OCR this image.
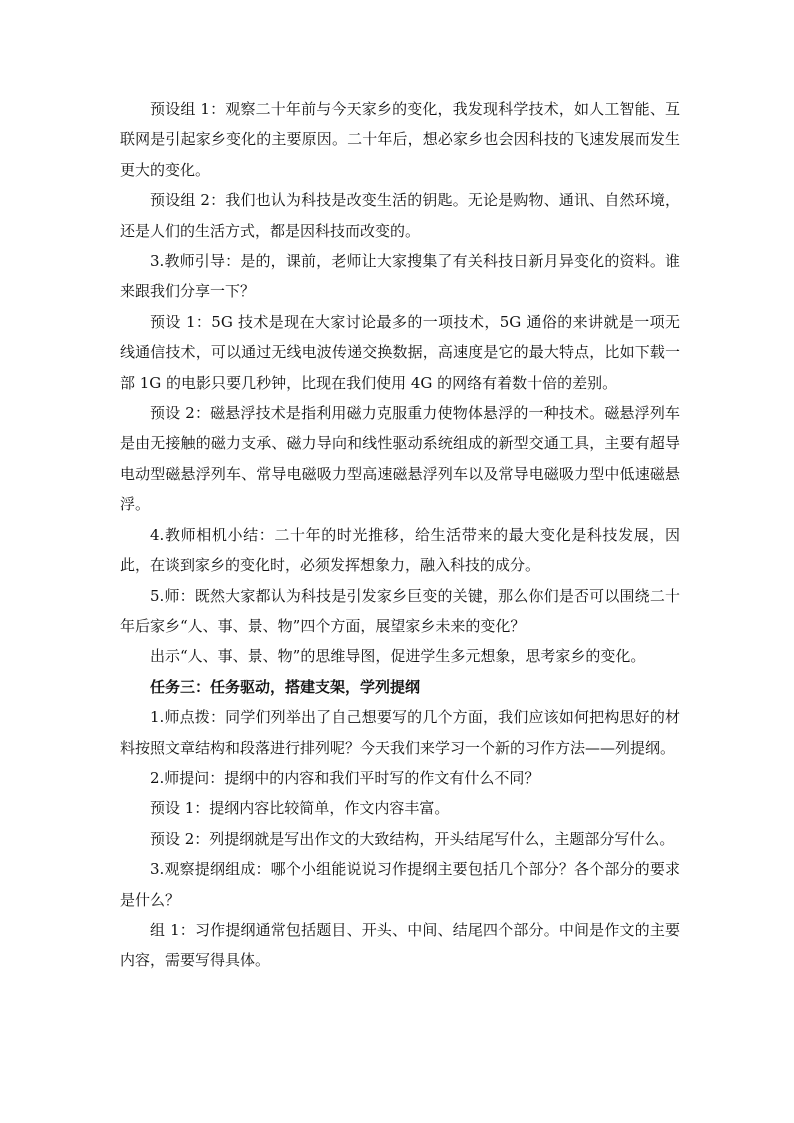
预设组 1：观察二十年前与今天家乡的变化，我发现科学技术，如人工智能、互联网是引起家乡变化的主要原因。二十年后，想必家乡也会因科技的飞速发展而发生更大的变化。

预设组 2：我们也认为科技是改变生活的钥匙。无论是购物、通讯、自然环境，还是人们的生活方式，都是因科技而改变的。

3.教师引导：是的，课前，老师让大家搜集了有关科技日新月异变化的资料。谁来跟我们分享一下？

预设 1：5G 技术是现在大家讨论最多的一项技术，5G 通俗的来讲就是一项无线通信技术，可以通过无线电波传递交换数据，高速度是它的最大特点，比如下载一部 1G 的电影只要几秒钟，比现在我们使用 4G 的网络有着数十倍的差别。

预设 2：磁悬浮技术是指利用磁力克服重力使物体悬浮的一种技术。磁悬浮列车是由无接触的磁力支承、磁力导向和线性驱动系统组成的新型交通工具，主要有超导电动型磁悬浮列车、常导电磁吸力型高速磁悬浮列车以及常导电磁吸力型中低速磁悬浮。

4.教师相机小结：二十年的时光推移，给生活带来的最大变化是科技发展，因此，在谈到家乡的变化时，必须发挥想象力，融入科技的成分。

5.师：既然大家都认为科技是引发家乡巨变的关键，那么你们是否可以围绕二十年后家乡“人、事、景、物”四个方面，展望家乡未来的变化？

出示“人、事、景、物”的思维导图，促进学生多元想象，思考家乡的变化。

任务三：任务驱动，搭建支架，学列提纲

1.师点拨：同学们列举出了自己想要写的几个方面，我们应该如何把构思好的材料按照文章结构和段落进行排列呢？今天我们来学习一个新的习作方法——列提纲。

2.师提问：提纲中的内容和我们平时写的作文有什么不同？

预设 1：提纲内容比较简单，作文内容丰富。

预设 2：列提纲就是写出作文的大致结构，开头结尾写什么，主题部分写什么。

3.观察提纲组成：哪个小组能说说习作提纲主要包括几个部分？各个部分的要求是什么？

组 1：习作提纲通常包括题目、开头、中间、结尾四个部分。中间是作文的主要内容，需要写得具体。
